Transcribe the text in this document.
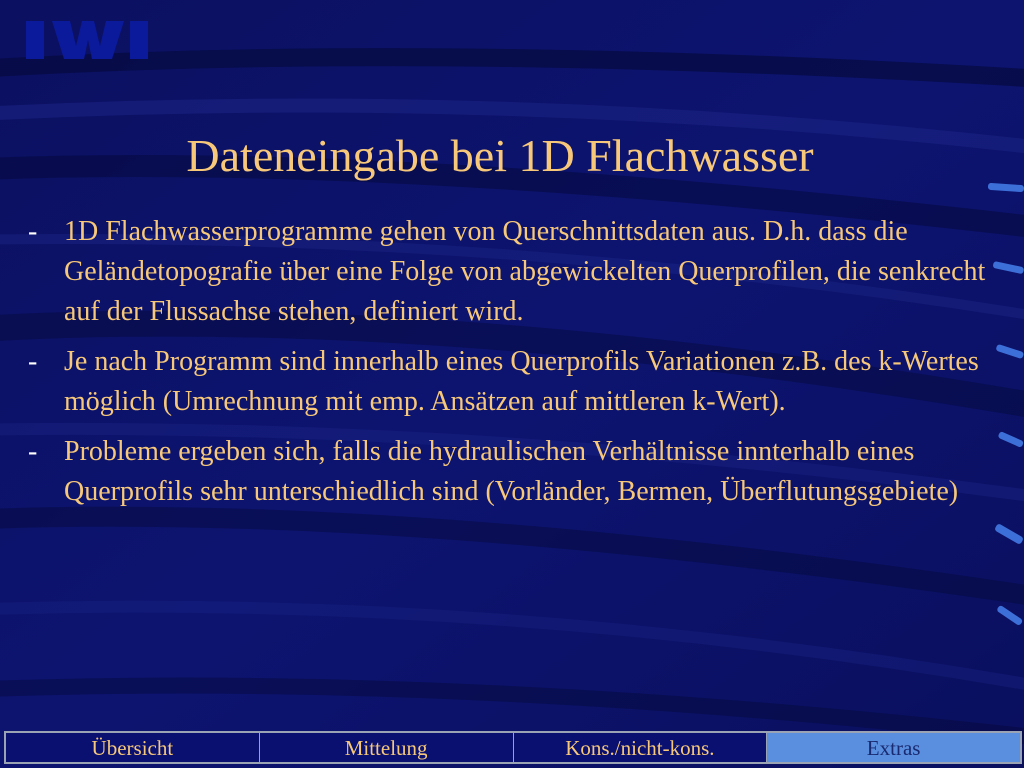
Dateneingabe bei 1D Flachwasser
- 1D Flachwasserprogramme gehen von Querschnittsdaten aus. D.h. dass die Geländetopografie über eine Folge von abgewickelten Querprofilen, die senkrecht auf der Flussachse stehen, definiert wird.
- Je nach Programm sind innerhalb eines Querprofils Variationen z.B. des k-Wertes möglich (Umrechnung mit emp. Ansätzen auf mittleren k-Wert).
- Probleme ergeben sich, falls die hydraulischen Verhältnisse innterhalb eines Querprofils sehr unterschiedlich sind (Vorländer, Bermen, Überflutungsgebiete)
Übersicht	Mittelung	Kons./nicht-kons.	Extras
